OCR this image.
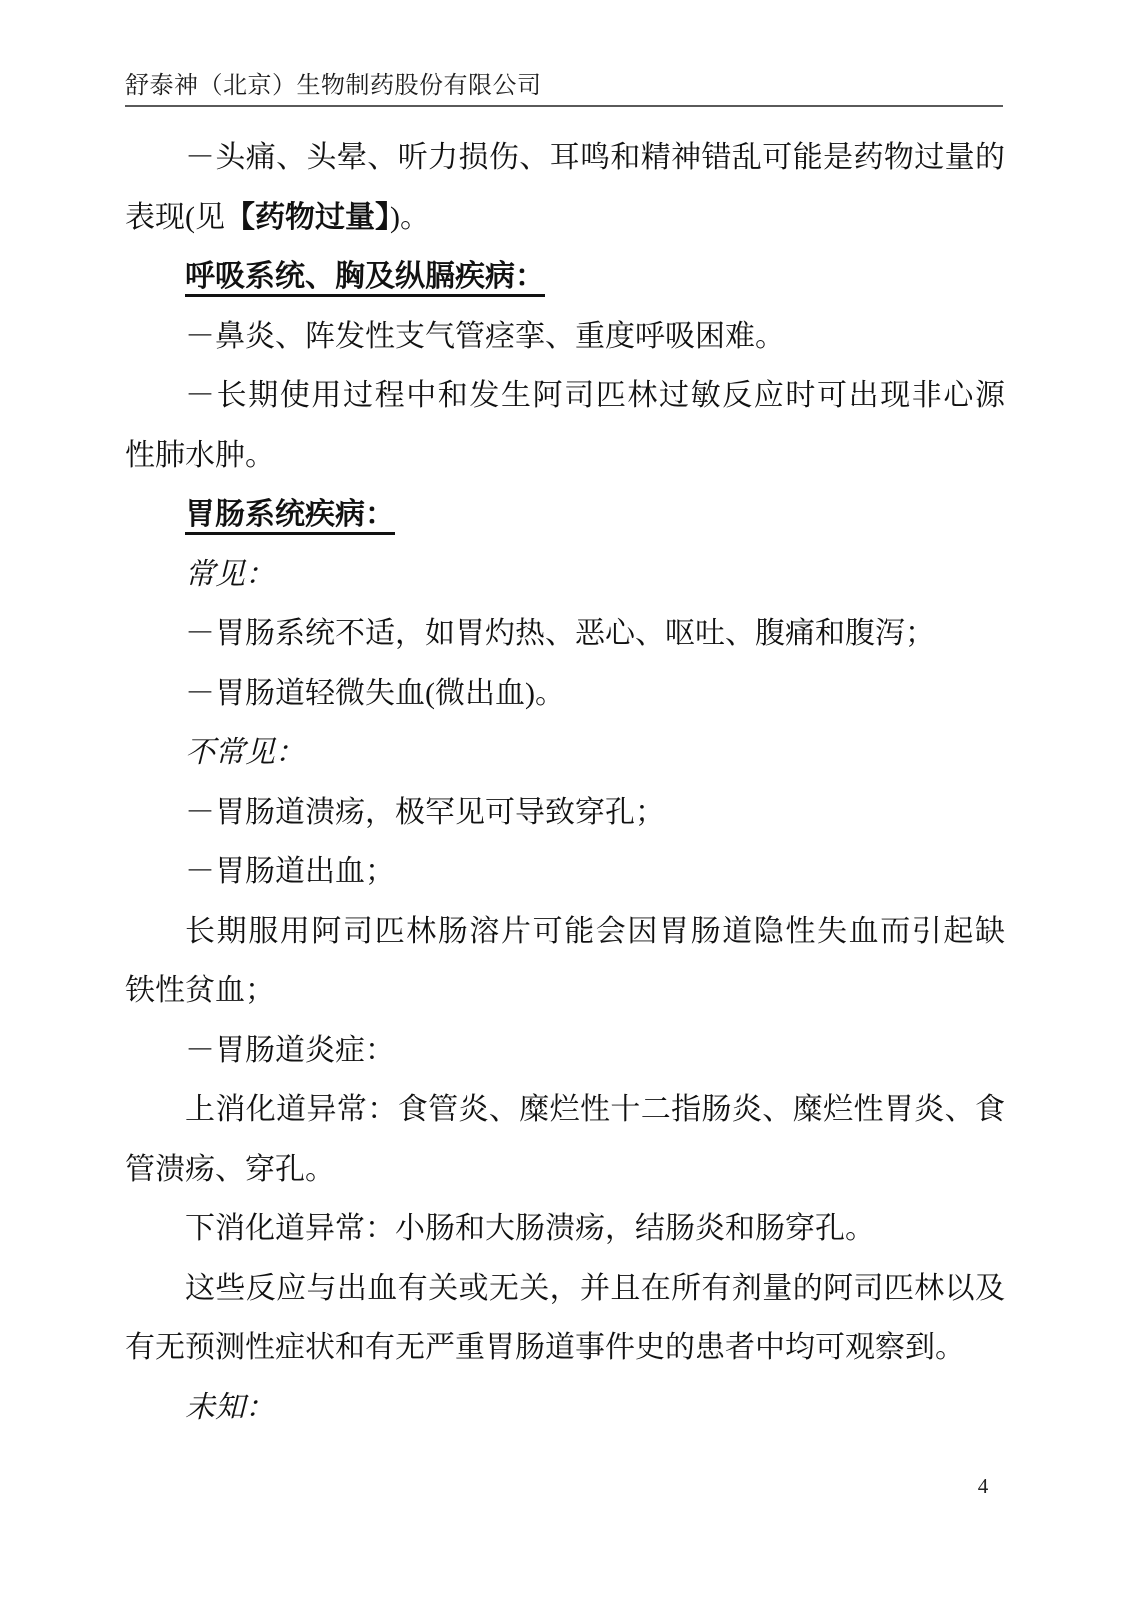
舒泰神（北京）生物制药股份有限公司
－头痛、头晕、听力损伤、耳鸣和精神错乱可能是药物过量的
表现(见【药物过量】)。
呼吸系统、胸及纵膈疾病：
－鼻炎、阵发性支气管痉挛、重度呼吸困难。
－长期使用过程中和发生阿司匹林过敏反应时可出现非心源
性肺水肿。
胃肠系统疾病：
常见：
－胃肠系统不适，如胃灼热、恶心、呕吐、腹痛和腹泻；
－胃肠道轻微失血(微出血)。
不常见：
－胃肠道溃疡，极罕见可导致穿孔；
－胃肠道出血；
长期服用阿司匹林肠溶片可能会因胃肠道隐性失血而引起缺
铁性贫血；
－胃肠道炎症：
上消化道异常：食管炎、糜烂性十二指肠炎、糜烂性胃炎、食
管溃疡、穿孔。
下消化道异常：小肠和大肠溃疡，结肠炎和肠穿孔。
这些反应与出血有关或无关，并且在所有剂量的阿司匹林以及
有无预测性症状和有无严重胃肠道事件史的患者中均可观察到。
未知：
4
